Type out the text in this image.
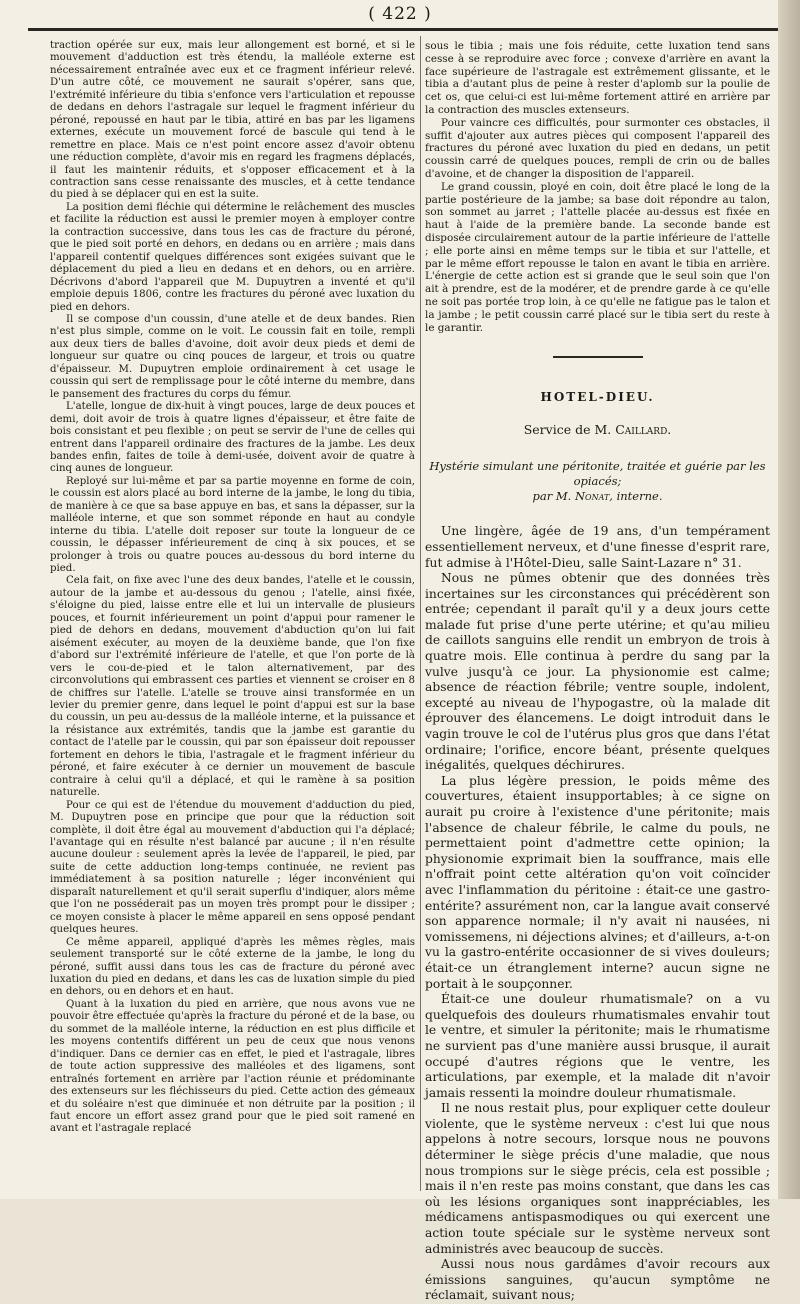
( 422 )

traction opérée sur eux, mais leur allongement est borné, et si le mouvement d'adduction est très étendu, la malléole externe est nécessairement entraînée avec eux et ce fragment inférieur relevé. D'un autre côté, ce mouvement ne saurait s'opérer, sans que, l'extrémité inférieure du tibia s'enfonce vers l'articulation et repousse de dedans en dehors l'astragale sur lequel le fragment inférieur du péroné, repoussé en haut par le tibia, attiré en bas par les ligamens externes, exécute un mouvement forcé de bascule qui tend à le remettre en place. Mais ce n'est point encore assez d'avoir obtenu une réduction complète, d'avoir mis en regard les fragmens déplacés, il faut les maintenir réduits, et s'opposer efficacement et à la contraction sans cesse renaissante des muscles, et à cette tendance du pied à se déplacer qui en est la suite.

La position demi fléchie qui détermine le relâchement des muscles et facilite la réduction est aussi le premier moyen à employer contre la contraction successive, dans tous les cas de fracture du péroné, que le pied soit porté en dehors, en dedans ou en arrière ; mais dans l'appareil contentif quelques différences sont exigées suivant que le déplacement du pied a lieu en dedans et en dehors, ou en arrière. Décrivons d'abord l'appareil que M. Dupuytren a inventé et qu'il emploie depuis 1806, contre les fractures du péroné avec luxation du pied en dehors.

Il se compose d'un coussin, d'une atelle et de deux bandes. Rien n'est plus simple, comme on le voit. Le coussin fait en toile, rempli aux deux tiers de balles d'avoine, doit avoir deux pieds et demi de longueur sur quatre ou cinq pouces de largeur, et trois ou quatre d'épaisseur. M. Dupuytren emploie ordinairement à cet usage le coussin qui sert de remplissage pour le côté interne du membre, dans le pansement des fractures du corps du fémur.

L'atelle, longue de dix-huit à vingt pouces, large de deux pouces et demi, doit avoir de trois à quatre lignes d'épaisseur, et être faite de bois consistant et peu flexible ; on peut se servir de l'une de celles qui entrent dans l'appareil ordinaire des fractures de la jambe. Les deux bandes enfin, faites de toile à demi-usée, doivent avoir de quatre à cinq aunes de longueur.

Reployé sur lui-même et par sa partie moyenne en forme de coin, le coussin est alors placé au bord interne de la jambe, le long du tibia, de manière à ce que sa base appuye en bas, et sans la dépasser, sur la malléole interne, et que son sommet réponde en haut au condyle interne du tibia. L'atelle doit reposer sur toute la longueur de ce coussin, le dépasser inférieurement de cinq à six pouces, et se prolonger à trois ou quatre pouces au-dessous du bord interne du pied.

Cela fait, on fixe avec l'une des deux bandes, l'atelle et le coussin, autour de la jambe et au-dessous du genou ; l'atelle, ainsi fixée, s'éloigne du pied, laisse entre elle et lui un intervalle de plusieurs pouces, et fournit inférieurement un point d'appui pour ramener le pied de dehors en dedans, mouvement d'abduction qu'on lui fait aisément exécuter, au moyen de la deuxième bande, que l'on fixe d'abord sur l'extrémité inférieure de l'atelle, et que l'on porte de là vers le cou-de-pied et le talon alternativement, par des circonvolutions qui embrassent ces parties et viennent se croiser en 8 de chiffres sur l'atelle. L'atelle se trouve ainsi transformée en un levier du premier genre, dans lequel le point d'appui est sur la base du coussin, un peu au-dessus de la malléole interne, et la puissance et la résistance aux extrémités, tandis que la jambe est garantie du contact de l'atelle par le coussin, qui par son épaisseur doit repousser fortement en dehors le tibia, l'astragale et le fragment inférieur du péroné, et faire exécuter à ce dernier un mouvement de bascule contraire à celui qu'il a déplacé, et qui le ramène à sa position naturelle.

Pour ce qui est de l'étendue du mouvement d'adduction du pied, M. Dupuytren pose en principe que pour que la réduction soit complète, il doit être égal au mouvement d'abduction qui l'a déplacé; l'avantage qui en résulte n'est balancé par aucune ; il n'en résulte aucune douleur : seulement après la levée de l'appareil, le pied, par suite de cette adduction long-temps continuée, ne revient pas immédiatement à sa position naturelle ; léger inconvénient qui disparaît naturellement et qu'il serait superflu d'indiquer, alors même que l'on ne posséderait pas un moyen très prompt pour le dissiper ; ce moyen consiste à placer le même appareil en sens opposé pendant quelques heures.

Ce même appareil, appliqué d'après les mêmes règles, mais seulement transporté sur le côté externe de la jambe, le long du péroné, suffit aussi dans tous les cas de fracture du péroné avec luxation du pied en dedans, et dans les cas de luxation simple du pied en dehors, ou en dehors et en haut.

Quant à la luxation du pied en arrière, que nous avons vue ne pouvoir être effectuée qu'après la fracture du péroné et de la base, ou du sommet de la malléole interne, la réduction en est plus difficile et les moyens contentifs différent un peu de ceux que nous venons d'indiquer. Dans ce dernier cas en effet, le pied et l'astragale, libres de toute action suppressive des malléoles et des ligamens, sont entraînés fortement en arrière par l'action réunie et prédominante des extenseurs sur les fléchisseurs du pied. Cette action des gémeaux et du soléaire n'est que diminuée et non détruite par la position ; il faut encore un effort assez grand pour que le pied soit ramené en avant et l'astragale replacé

sous le tibia ; mais une fois réduite, cette luxation tend sans cesse à se reproduire avec force ; convexe d'arrière en avant la face supérieure de l'astragale est extrêmement glissante, et le tibia a d'autant plus de peine à rester d'aplomb sur la poulie de cet os, que celui-ci est lui-même fortement attiré en arrière par la contraction des muscles extenseurs.

Pour vaincre ces difficultés, pour surmonter ces obstacles, il suffit d'ajouter aux autres pièces qui composent l'appareil des fractures du péroné avec luxation du pied en dedans, un petit coussin carré de quelques pouces, rempli de crin ou de balles d'avoine, et de changer la disposition de l'appareil.

Le grand coussin, ployé en coin, doit être placé le long de la partie postérieure de la jambe; sa base doit répondre au talon, son sommet au jarret ; l'attelle placée au-dessus est fixée en haut à l'aide de la première bande. La seconde bande est disposée circulairement autour de la partie inférieure de l'attelle ; elle porte ainsi en même temps sur le tibia et sur l'attelle, et par le même effort repousse le talon en avant le tibia en arrière. L'énergie de cette action est si grande que le seul soin que l'on ait à prendre, est de la modérer, et de prendre garde à ce qu'elle ne soit pas portée trop loin, à ce qu'elle ne fatigue pas le talon et la jambe ; le petit coussin carré placé sur le tibia sert du reste à le garantir.

HOTEL-DIEU.
Service de M. Caillard.
Hystérie simulant une péritonite, traitée et guérie par les opiacés;
par M. Nonat, interne.

Une lingère, âgée de 19 ans, d'un tempérament essentiellement nerveux, et d'une finesse d'esprit rare, fut admise à l'Hôtel-Dieu, salle Saint-Lazare n° 31.

Nous ne pûmes obtenir que des données très incertaines sur les circonstances qui précédèrent son entrée; cependant il paraît qu'il y a deux jours cette malade fut prise d'une perte utérine; et qu'au milieu de caillots sanguins elle rendit un embryon de trois à quatre mois. Elle continua à perdre du sang par la vulve jusqu'à ce jour. La physionomie est calme; absence de réaction fébrile; ventre souple, indolent, excepté au niveau de l'hypogastre, où la malade dit éprouver des élancemens. Le doigt introduit dans le vagin trouve le col de l'utérus plus gros que dans l'état ordinaire; l'orifice, encore béant, présente quelques inégalités, quelques déchirures.

La plus légère pression, le poids même des couvertures, étaient insupportables; à ce signe on aurait pu croire à l'existence d'une péritonite; mais l'absence de chaleur fébrile, le calme du pouls, ne permettaient point d'admettre cette opinion; la physionomie exprimait bien la souffrance, mais elle n'offrait point cette altération qu'on voit coïncider avec l'inflammation du péritoine : était-ce une gastro-entérite? assurément non, car la langue avait conservé son apparence normale; il n'y avait ni nausées, ni vomissemens, ni déjections alvines; et d'ailleurs, a-t-on vu la gastro-entérite occasionner de si vives douleurs; était-ce un étranglement interne? aucun signe ne portait à le soupçonner.

Était-ce une douleur rhumatismale? on a vu quelquefois des douleurs rhumatismales envahir tout le ventre, et simuler la péritonite; mais le rhumatisme ne survient pas d'une manière aussi brusque, il aurait occupé d'autres régions que le ventre, les articulations, par exemple, et la malade dit n'avoir jamais ressenti la moindre douleur rhumatismale.

Il ne nous restait plus, pour expliquer cette douleur violente, que le système nerveux : c'est lui que nous appelons à notre secours, lorsque nous ne pouvons déterminer le siège précis d'une maladie, que nous nous trompions sur le siège précis, cela est possible ; mais il n'en reste pas moins constant, que dans les cas où les lésions organiques sont inappréciables, les médicamens antispasmodiques ou qui exercent une action toute spéciale sur le système nerveux sont administrés avec beaucoup de succès.

Aussi nous nous gardâmes d'avoir recours aux émissions sanguines, qu'aucun symptôme ne réclamait, suivant nous;
